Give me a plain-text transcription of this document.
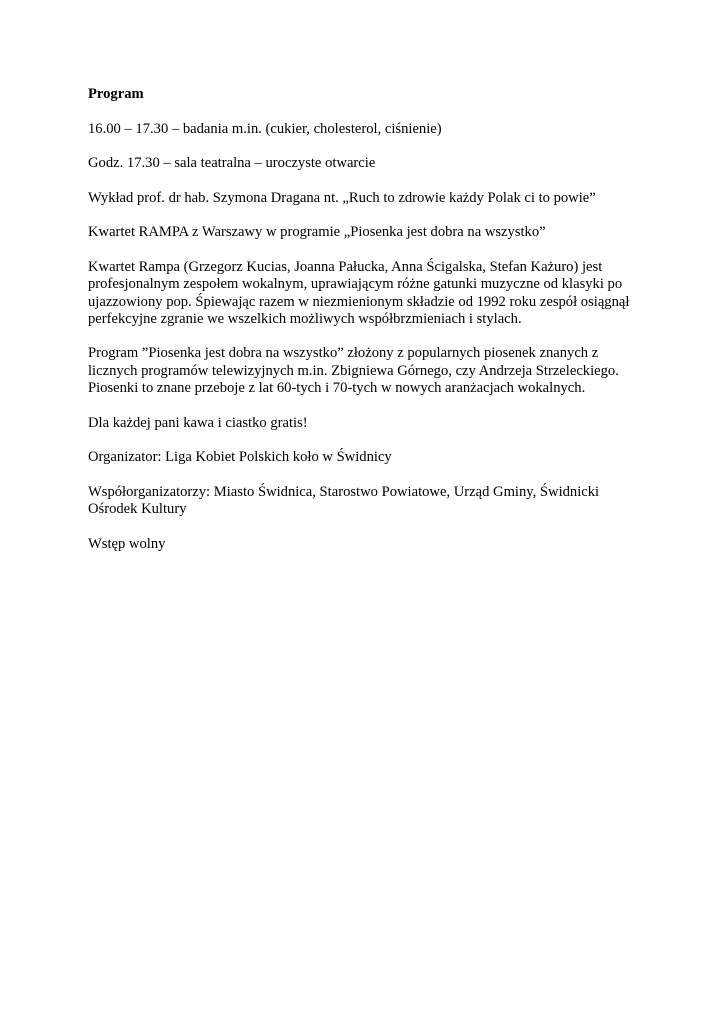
Program

16.00 – 17.30 – badania m.in. (cukier, cholesterol, ciśnienie)

Godz. 17.30 – sala teatralna – uroczyste otwarcie

Wykład prof. dr hab. Szymona Dragana nt. „Ruch to zdrowie każdy Polak ci to powie”

Kwartet RAMPA z Warszawy w programie „Piosenka jest dobra na wszystko”

Kwartet Rampa (Grzegorz Kucias, Joanna Pałucka, Anna Ścigalska, Stefan Każuro) jest profesjonalnym zespołem wokalnym, uprawiającym różne gatunki muzyczne od klasyki po ujazzowiony pop. Śpiewając razem w niezmienionym składzie od 1992 roku zespół osiągnął perfekcyjne zgranie we wszelkich możliwych współbrzmieniach i stylach.

Program ”Piosenka jest dobra na wszystko” złożony z popularnych piosenek znanych z licznych programów telewizyjnych m.in. Zbigniewa Górnego, czy Andrzeja Strzeleckiego. Piosenki to znane przeboje z lat 60-tych i 70-tych w nowych aranżacjach wokalnych.

Dla każdej pani kawa i ciastko gratis!

Organizator: Liga Kobiet Polskich koło w Świdnicy

Współorganizatorzy: Miasto Świdnica, Starostwo Powiatowe, Urząd Gminy, Świdnicki Ośrodek Kultury

Wstęp wolny
